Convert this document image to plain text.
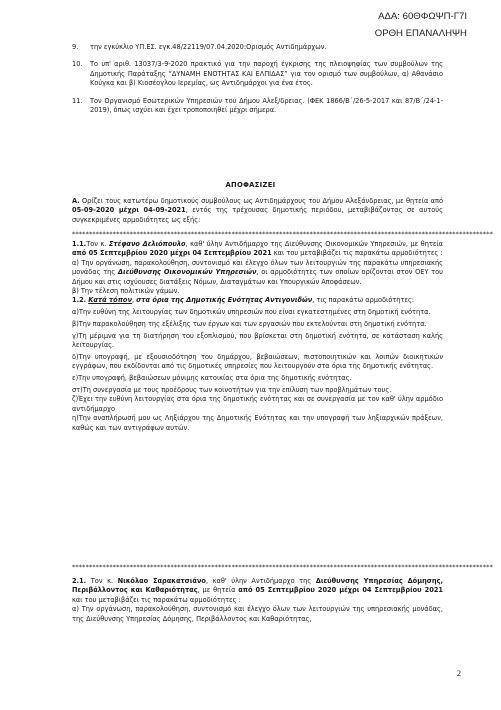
ΑΔΑ: 60ΘΦΩΨΠ-Γ7Ι
ΟΡΘΗ ΕΠΑΝΑΛΗΨΗ
9.	την εγκύκλιο ΥΠ.ΕΣ. εγκ.48/22119/07.04.2020:Ορισμός Αντιδημάρχων.
10.	Το υπ' αριθ. 13037/3-9-2020 πρακτικό για την παροχή έγκρισης της πλειοψηφίας των συμβούλων της Δημοτικής Παράταξης “ΔΥΝΑΜΗ ΕΝΟΤΗΤΑΣ ΚΑΙ ΕΛΠΙΔΑΣ” για τον ορισμό των συμβούλων, α) Αθανάσιο Κούγκα και β) Κιοσέογλου Ιερεμίας, ως Αντιδημάρχοι για ένα έτος.
11.	Τον Οργανισμό Εσωτερικών Υπηρεσιών του Δήμου Αλεξ/δρειας. (ΦΕΚ 1866/Β΄/26-5-2017 και 87/Β΄/24-1-2019), όπως ισχύει και έχει τροποποιηθεί μέχρι σήμερα.
ΑΠΟΦΑΣΙΖΕΙ

Α. Ορίζει τους κατωτέρω δημοτικούς συμβούλους ως Αντιδημάρχους του Δήμου Αλεξάνδρειας, με θητεία από 05-09-2020 μέχρι 04-09-2021, εντός της τρέχουσας δημοτικής περιόδου, μεταβιβάζοντας σε αυτούς συγκεκριμένες αρμοδιότητες ως εξής:

****************************************************************************************************************************

1.1.Τον κ. Στέφανο Δελιόπουλο, καθ' ύλην Αντιδήμαρχο της Διεύθυνσης Οικονομικών Υπηρεσιών, με θητεία από 05 Σεπτεμβρίου 2020 μέχρι 04 Σεπτεμβρίου 2021 και του μεταβιβάζει τις παρακάτω αρμοδιότητες :

α) Την οργάνωση, παρακολούθηση, συντονισμό και έλεγχο όλων των λειτουργιών της παρακάτω υπηρεσιακής μονάδας της Διεύθυνσης Οικονομικών Υπηρεσιών, οι αρμοδιότητες των οποίων ορίζονται στον ΟΕΥ του Δήμου και στις ισχύουσες διατάξεις Νόμων, Διαταγμάτων και Υπουργικών Αποφάσεων.

β) Την τέλεση πολιτικών γάμων.

1.2. Κατά τόπον, στα όρια της Δημοτικής Ενότητας Αντιγονιδών, τις παρακάτω αρμοδιότητες:

α)Την ευθύνη της λειτουργίας των δημοτικών υπηρεσιών που είναι εγκατεστημένες στη δημοτική ενότητα.

β)Την παρακολούθηση της εξέλιξης των έργων και των εργασιών που εκτελούνται στη δημοτική ενότητα.

γ)Τη μέριμνα για τη διατήρηση του εξοπλισμού, που βρίσκεται στη δημοτική ενότητα, σε κατάσταση καλής λειτουργίας.

δ)Την υπογραφή, με εξουσιοδότηση του δημάρχου, βεβαιώσεων, πιστοποιητικών και λοιπών διοικητικών εγγράφων, που εκδίδονται από τις δημοτικές υπηρεσίες που λειτουργούν στα όρια της δημοτικής ενότητας.

ε)Την υπογραφή, βεβαιώσεων μόνιμης κατοικίας στα όρια της δημοτικής ενότητας.

στ)Τη συνεργασία με τους προέδρους των κοινοτήτων για την επίλυση των προβλημάτων τους.

ζ)Έχει την ευθύνη λειτουργίας στα όρια της δημοτικής ενότητας και σε συνεργασία με τον καθ' ύλην αρμόδιο αντιδήμαρχο

η)Την αναπλήρωσή μου ως Ληξιάρχου της Δημοτικής Ενότητας και την υπογραφή των ληξιαρχικών πράξεων, καθώς και των αντιγράφων αυτών.

****************************************************************************************************************************

2.1. Τον κ. Νικόλαο Σαρακατσιάνο, καθ' ύλην Αντιδήμαρχο της Διεύθυνσης Υπηρεσίας Δόμησης, Περιβάλλοντος και Καθαριότητας, με θητεία από 05 Σεπτεμβρίου 2020 μέχρι 04 Σεπτεμβρίου 2021 και του μεταβιβάζει τις παρακάτω αρμοδιότητες :

α) Την οργάνωση, παρακολούθηση, συντονισμό και έλεγχο όλων των λειτουργιών της υπηρεσιακής μονάδας, της Διεύθυνσης Υπηρεσίας Δόμησης, Περιβάλλοντος και Καθαριότητας,

2
